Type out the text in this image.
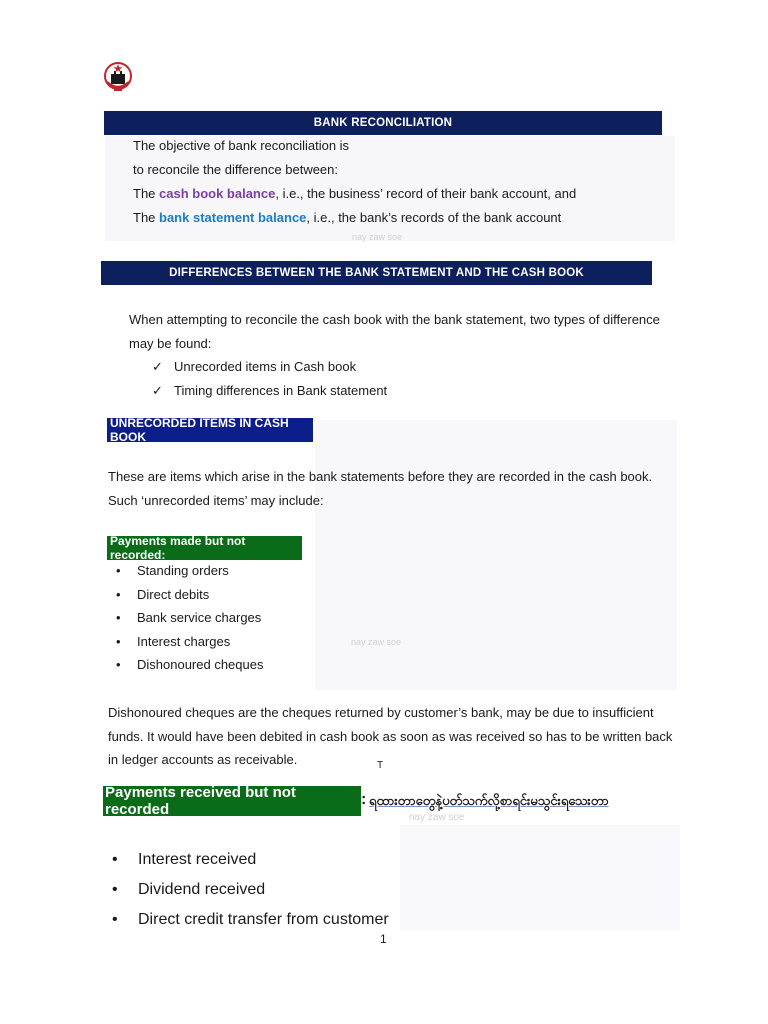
BANK RECONCILIATION
The objective of bank reconciliation is
to reconcile the difference between:
The cash book balance, i.e., the business’ record of their bank account, and
The bank statement balance, i.e., the bank’s records of the bank account
nay zaw soe
DIFFERENCES BETWEEN THE BANK STATEMENT AND THE CASH BOOK
When attempting to reconcile the cash book with the bank statement, two types of difference
may be found:
✓ Unrecorded items in Cash book
✓ Timing differences in Bank statement
UNRECORDED ITEMS IN CASH BOOK
These are items which arise in the bank statements before they are recorded in the cash book.
Such ‘unrecorded items’ may include:
Payments made but not recorded:
• Standing orders
• Direct debits
• Bank service charges
• Interest charges
• Dishonoured cheques
nay zaw soe
Dishonoured cheques are the cheques returned by customer’s bank, may be due to insufficient
funds. It would have been debited in cash book as soon as was received so has to be written back
in ledger accounts as receivable.	T
Payments received but not recorded
: ရထားတာတွေနဲ့ပတ်သက်လို့စာရင်းမသွင်းရသေးတာ
nay zaw soe
• Interest received
• Dividend received
• Direct credit transfer from customer
1
